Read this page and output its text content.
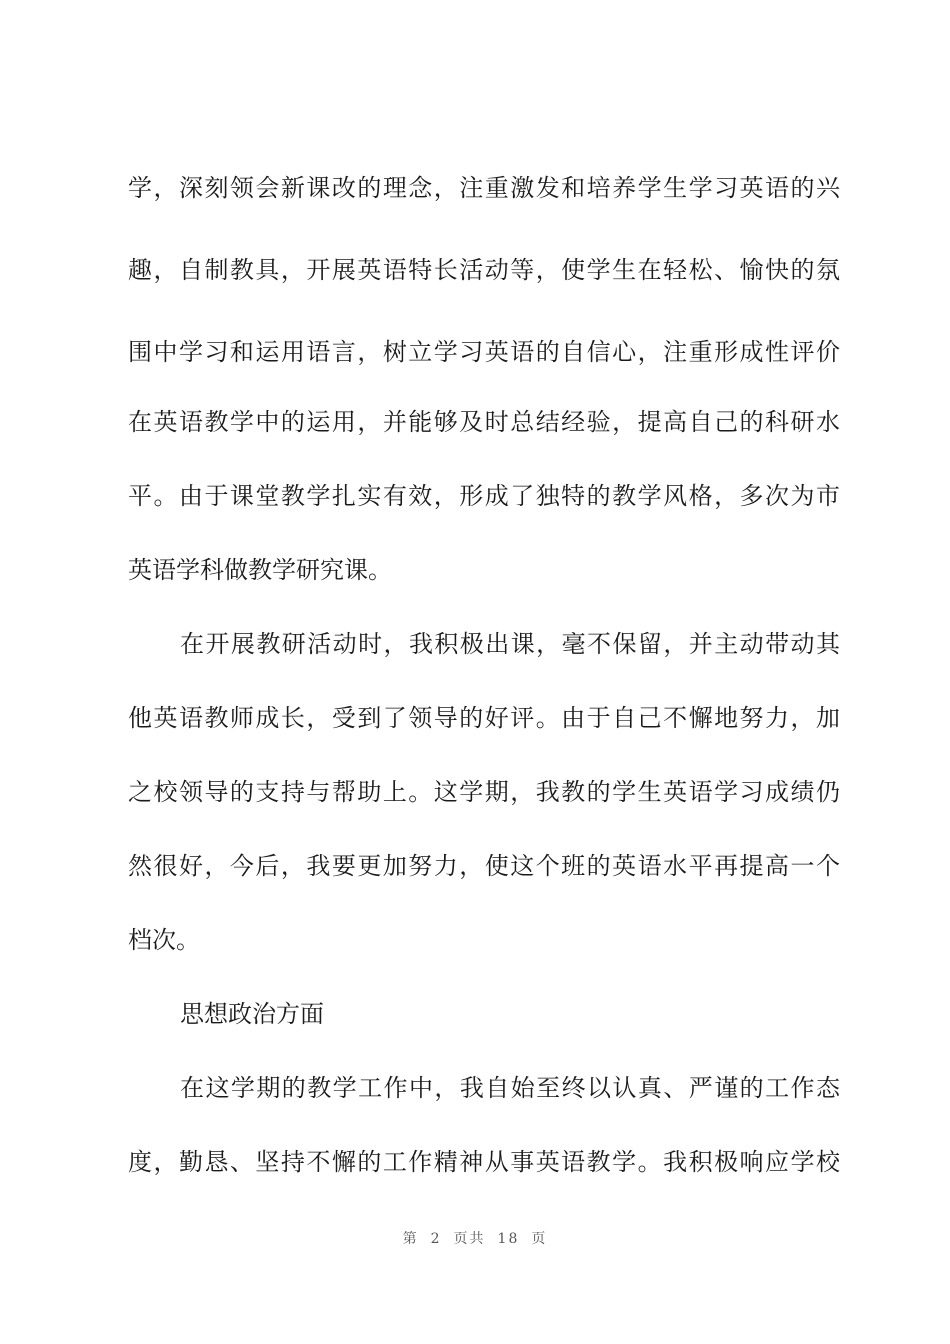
学，深刻领会新课改的理念，注重激发和培养学生学习英语的兴
趣，自制教具，开展英语特长活动等，使学生在轻松、愉快的氛
围中学习和运用语言，树立学习英语的自信心，注重形成性评价
在英语教学中的运用，并能够及时总结经验，提高自己的科研水
平。由于课堂教学扎实有效，形成了独特的教学风格，多次为市
英语学科做教学研究课。
在开展教研活动时，我积极出课，毫不保留，并主动带动其
他英语教师成长，受到了领导的好评。由于自己不懈地努力，加
之校领导的支持与帮助上。这学期，我教的学生英语学习成绩仍
然很好，今后，我要更加努力，使这个班的英语水平再提高一个
档次。
思想政治方面
在这学期的教学工作中，我自始至终以认真、严谨的工作态
度，勤恳、坚持不懈的工作精神从事英语教学。我积极响应学校
第 2 页共 18 页
